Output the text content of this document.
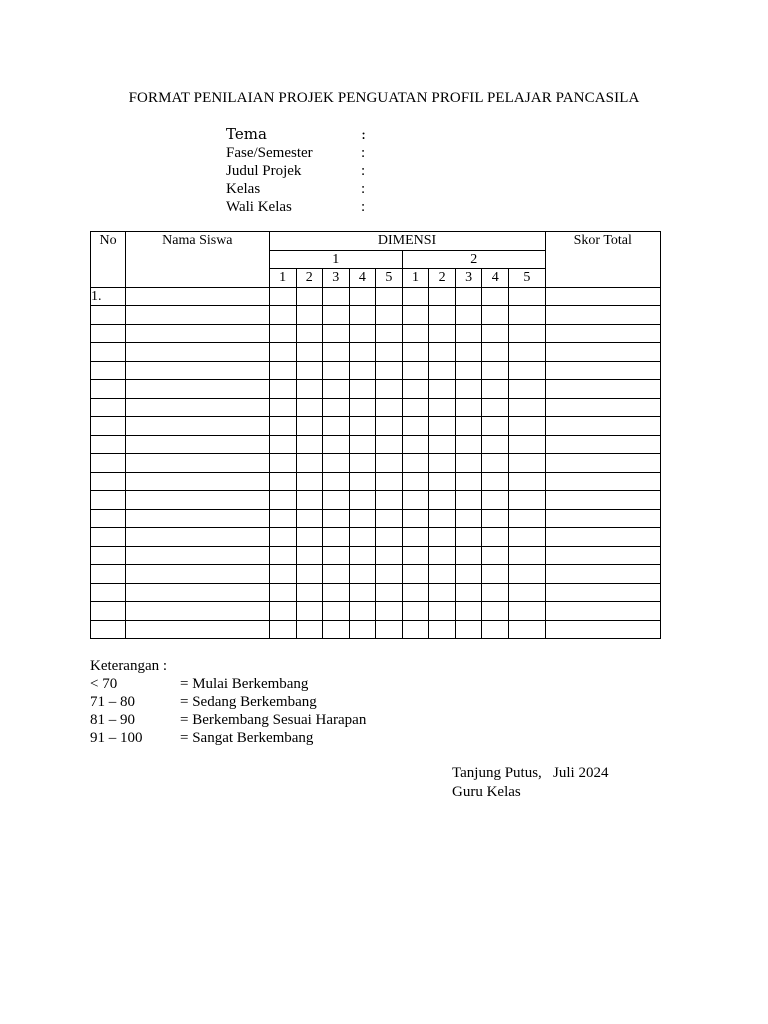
FORMAT PENILAIAN PROJEK PENGUATAN PROFIL PELAJAR PANCASILA
Tema	:
Fase/Semester	:
Judul Projek	:
Kelas	:
Wali Kelas	:
No	Nama Siswa	DIMENSI										Skor Total
		1					2					
		1	2	3	4	5	1	2	3	4	5	
1.												

Keterangan :
< 70	= Mulai Berkembang
71 – 80	= Sedang Berkembang
81 – 90	= Berkembang Sesuai Harapan
91 – 100	= Sangat Berkembang
Tanjung Putus,   Juli 2024
Guru Kelas
